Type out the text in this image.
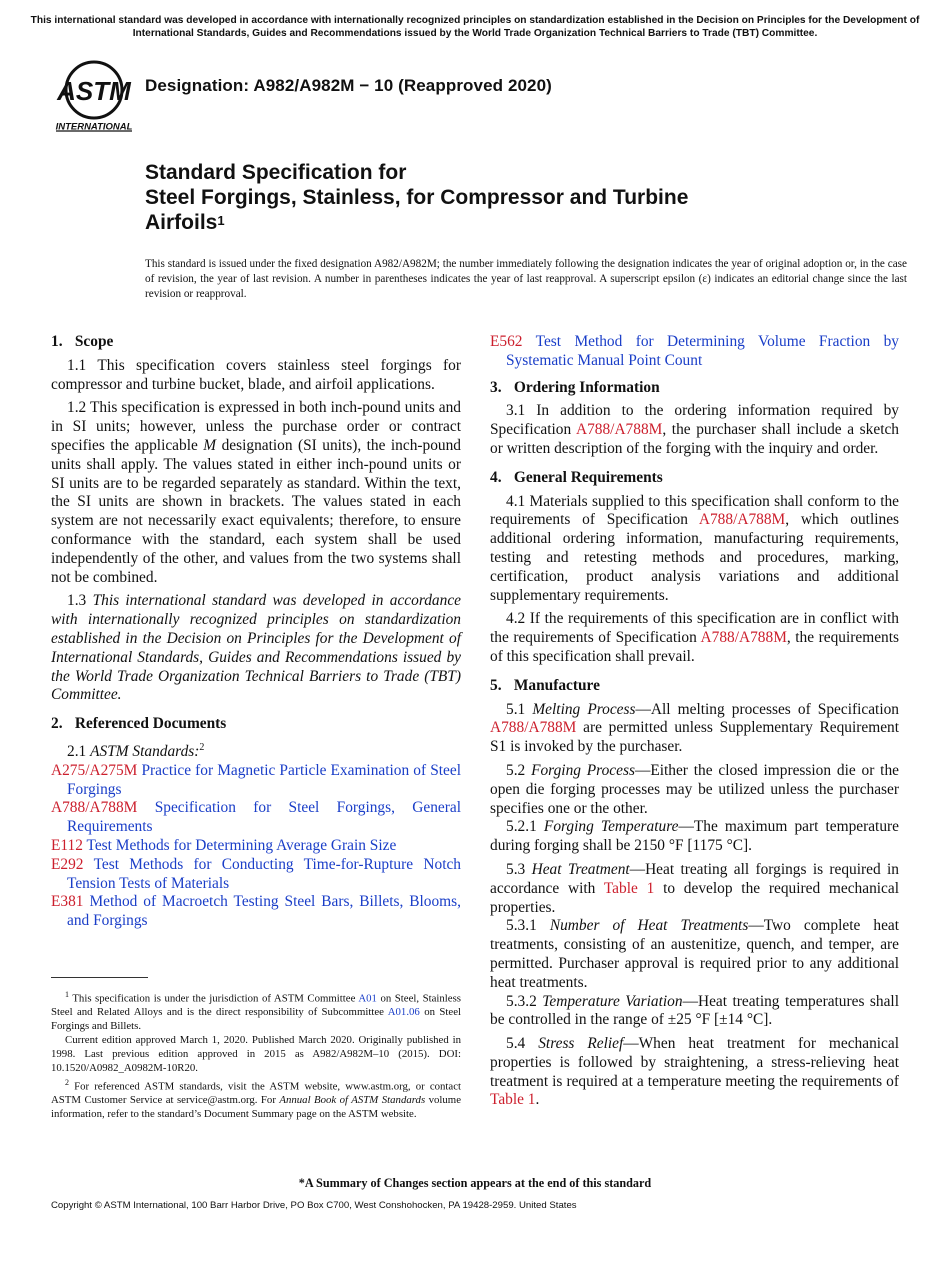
This international standard was developed in accordance with internationally recognized principles on standardization established in the Decision on Principles for the Development of International Standards, Guides and Recommendations issued by the World Trade Organization Technical Barriers to Trade (TBT) Committee.
ASTM
INTERNATIONAL
Designation: A982/A982M − 10 (Reapproved 2020)
Standard Specification for
Steel Forgings, Stainless, for Compressor and Turbine
Airfoils$^1$
This standard is issued under the fixed designation A982/A982M; the number immediately following the designation indicates the year of original adoption or, in the case of revision, the year of last revision. A number in parentheses indicates the year of last reapproval. A superscript epsilon (ε) indicates an editorial change since the last revision or reapproval.
1. Scope

1.1 This specification covers stainless steel forgings for compressor and turbine bucket, blade, and airfoil applications.

1.2 This specification is expressed in both inch-pound units and in SI units; however, unless the purchase order or contract specifies the applicable M designation (SI units), the inch-pound units shall apply. The values stated in either inch-pound units or SI units are to be regarded separately as standard. Within the text, the SI units are shown in brackets. The values stated in each system are not necessarily exact equivalents; therefore, to ensure conformance with the standard, each system shall be used independently of the other, and values from the two systems shall not be combined.

1.3 This international standard was developed in accordance with internationally recognized principles on standardization established in the Decision on Principles for the Development of International Standards, Guides and Recommendations issued by the World Trade Organization Technical Barriers to Trade (TBT) Committee.

2. Referenced Documents

2.1 ASTM Standards:$^2$

A275/A275M Practice for Magnetic Particle Examination of Steel Forgings
A788/A788M Specification for Steel Forgings, General Requirements
E112 Test Methods for Determining Average Grain Size
E292 Test Methods for Conducting Time-for-Rupture Notch Tension Tests of Materials
E381 Method of Macroetch Testing Steel Bars, Billets, Blooms, and Forgings
E562 Test Method for Determining Volume Fraction by Systematic Manual Point Count
3. Ordering Information

3.1 In addition to the ordering information required by Specification A788/A788M, the purchaser shall include a sketch or written description of the forging with the inquiry and order.

4. General Requirements

4.1 Materials supplied to this specification shall conform to the requirements of Specification A788/A788M, which outlines additional ordering information, manufacturing requirements, testing and retesting methods and procedures, marking, certification, product analysis variations and additional supplementary requirements.

4.2 If the requirements of this specification are in conflict with the requirements of Specification A788/A788M, the requirements of this specification shall prevail.

5. Manufacture

5.1 Melting Process—All melting processes of Specification A788/A788M are permitted unless Supplementary Requirement S1 is invoked by the purchaser.

5.2 Forging Process—Either the closed impression die or the open die forging processes may be utilized unless the purchaser specifies one or the other.

5.2.1 Forging Temperature—The maximum part temperature during forging shall be 2150 °F [1175 °C].

5.3 Heat Treatment—Heat treating all forgings is required in accordance with Table 1 to develop the required mechanical properties.

5.3.1 Number of Heat Treatments—Two complete heat treatments, consisting of an austenitize, quench, and temper, are permitted. Purchaser approval is required prior to any additional heat treatments.

5.3.2 Temperature Variation—Heat treating temperatures shall be controlled in the range of ±25 °F [±14 °C].

5.4 Stress Relief—When heat treatment for mechanical properties is followed by straightening, a stress-relieving heat treatment is required at a temperature meeting the requirements of Table 1.

$^1$ This specification is under the jurisdiction of ASTM Committee A01 on Steel, Stainless Steel and Related Alloys and is the direct responsibility of Subcommittee A01.06 on Steel Forgings and Billets.

Current edition approved March 1, 2020. Published March 2020. Originally published in 1998. Last previous edition approved in 2015 as A982/A982M–10 (2015). DOI: 10.1520/A0982_A0982M-10R20.

$^2$ For referenced ASTM standards, visit the ASTM website, www.astm.org, or contact ASTM Customer Service at service@astm.org. For Annual Book of ASTM Standards volume information, refer to the standard’s Document Summary page on the ASTM website.

*A Summary of Changes section appears at the end of this standard
Copyright © ASTM International, 100 Barr Harbor Drive, PO Box C700, West Conshohocken, PA 19428-2959. United States
